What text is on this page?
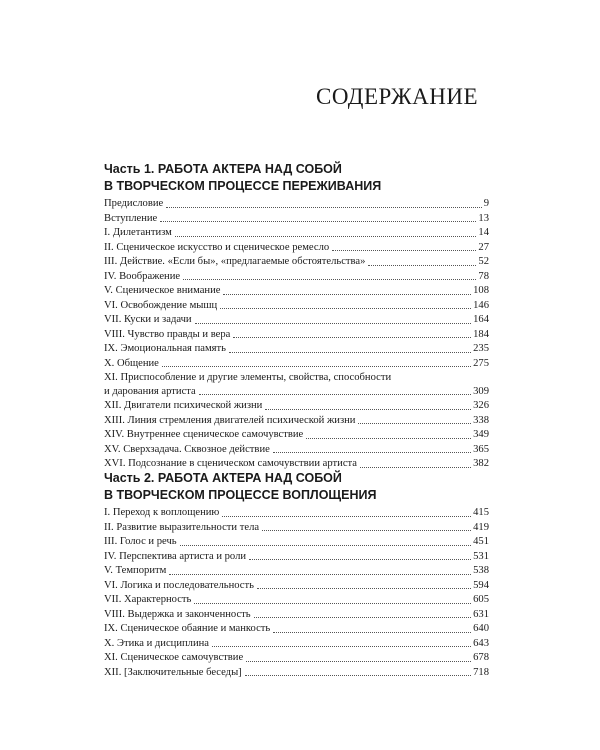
СОДЕРЖАНИЕ
Часть 1. РАБОТА АКТЕРА НАД СОБОЙ
В ТВОРЧЕСКОМ ПРОЦЕССЕ ПЕРЕЖИВАНИЯ
Предисловие	9
Вступление	13
I. Дилетантизм	14
II. Сценическое искусство и сценическое ремесло	27
III. Действие. «Если бы», «предлагаемые обстоятельства»	52
IV. Воображение	78
V. Сценическое внимание	108
VI. Освобождение мышц	146
VII. Куски и задачи	164
VIII. Чувство правды и вера	184
IX. Эмоциональная память	235
X. Общение	275
XI. Приспособление и другие элементы, свойства, способности
и дарования артиста	309
XII. Двигатели психической жизни	326
XIII. Линия стремления двигателей психической жизни	338
XIV. Внутреннее сценическое самочувствие	349
XV. Сверхзадача. Сквозное действие	365
XVI. Подсознание в сценическом самочувствии артиста	382
Часть 2. РАБОТА АКТЕРА НАД СОБОЙ
В ТВОРЧЕСКОМ ПРОЦЕССЕ ВОПЛОЩЕНИЯ
I. Переход к воплощению	415
II. Развитие выразительности тела	419
III. Голос и речь	451
IV. Перспектива артиста и роли	531
V. Темпоритм	538
VI. Логика и последовательность	594
VII. Характерность	605
VIII. Выдержка и законченность	631
IX. Сценическое обаяние и манкость	640
X. Этика и дисциплина	643
XI. Сценическое самочувствие	678
XII. [Заключительные беседы]	718
